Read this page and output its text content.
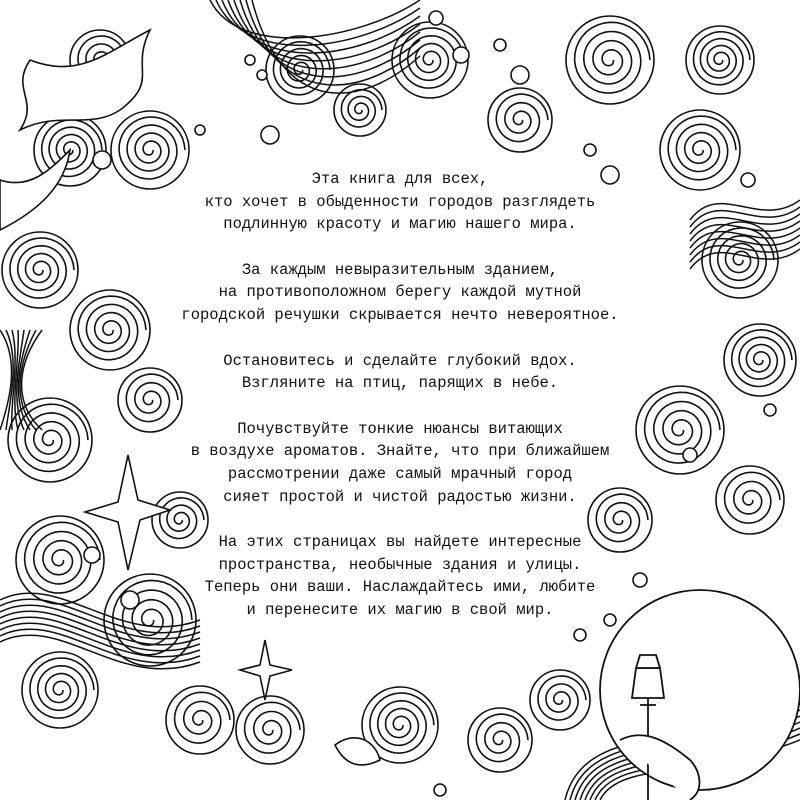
Эта книга для всех,
кто хочет в обыденности городов разглядеть
подлинную красоту и магию нашего мира.

За каждым невыразительным зданием,
на противоположном берегу каждой мутной
городской речушки скрывается нечто невероятное.

Остановитесь и сделайте глубокий вдох.
Взгляните на птиц, парящих в небе.

Почувствуйте тонкие нюансы витающих
в воздухе ароматов. Знайте, что при ближайшем
рассмотрении даже самый мрачный город
сияет простой и чистой радостью жизни.

На этих страницах вы найдете интересные
пространства, необычные здания и улицы.
Теперь они ваши. Наслаждайтесь ими, любите
и перенесите их магию в свой мир.
